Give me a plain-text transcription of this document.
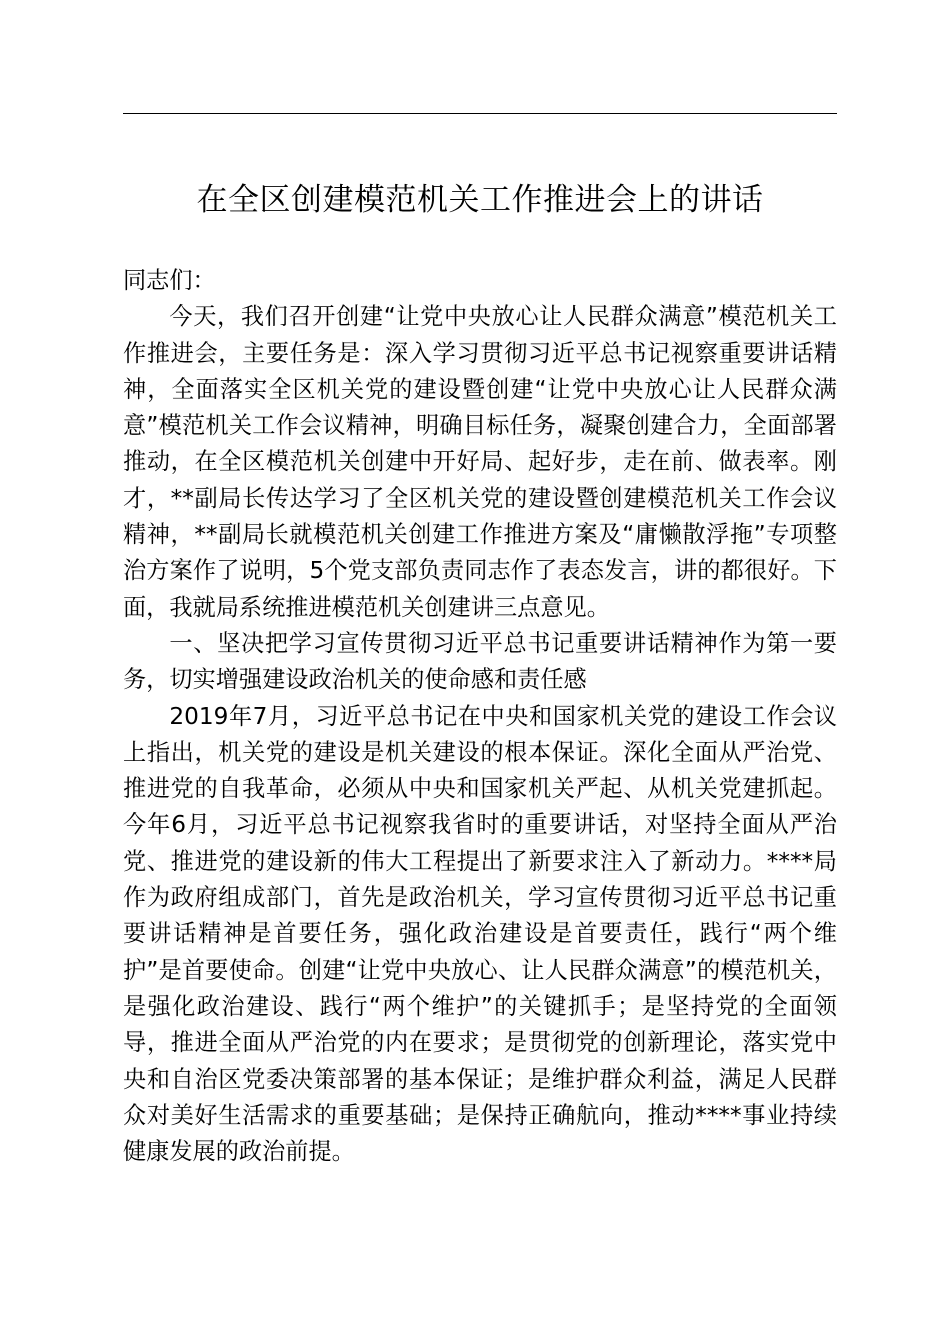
在全区创建模范机关工作推进会上的讲话

同志们：

今天，我们召开创建“让党中央放心让人民群众满意”模范机关工作推进会，主要任务是：深入学习贯彻习近平总书记视察重要讲话精神，全面落实全区机关党的建设暨创建“让党中央放心让人民群众满意”模范机关工作会议精神，明确目标任务，凝聚创建合力，全面部署推动，在全区模范机关创建中开好局、起好步，走在前、做表率。刚才，**副局长传达学习了全区机关党的建设暨创建模范机关工作会议精神，**副局长就模范机关创建工作推进方案及“庸懒散浮拖”专项整治方案作了说明，5个党支部负责同志作了表态发言，讲的都很好。下面，我就局系统推进模范机关创建讲三点意见。

一、坚决把学习宣传贯彻习近平总书记重要讲话精神作为第一要务，切实增强建设政治机关的使命感和责任感

2019年7月，习近平总书记在中央和国家机关党的建设工作会议上指出，机关党的建设是机关建设的根本保证。深化全面从严治党、推进党的自我革命，必须从中央和国家机关严起、从机关党建抓起。今年6月，习近平总书记视察我省时的重要讲话，对坚持全面从严治党、推进党的建设新的伟大工程提出了新要求注入了新动力。****局作为政府组成部门，首先是政治机关，学习宣传贯彻习近平总书记重要讲话精神是首要任务，强化政治建设是首要责任，践行“两个维护”是首要使命。创建“让党中央放心、让人民群众满意”的模范机关，是强化政治建设、践行“两个维护”的关键抓手；是坚持党的全面领导，推进全面从严治党的内在要求；是贯彻党的创新理论，落实党中央和自治区党委决策部署的基本保证；是维护群众利益，满足人民群众对美好生活需求的重要基础；是保持正确航向，推动****事业持续健康发展的政治前提。
